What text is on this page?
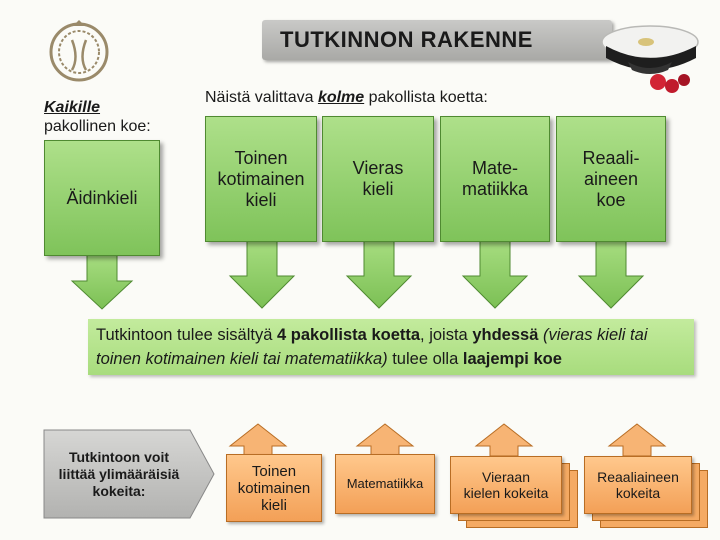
TUTKINNON RAKENNE
Kaikille
pakollinen koe:
Näistä valittava kolme pakollista koetta:
Äidinkieli
Toinen
kotimainen
kieli
Vieras
kieli
Mate-
matiikka
Reaali-
aineen
koe
Tutkintoon tulee sisältyä 4 pakollista koetta, joista yhdessä (vieras kieli tai toinen kotimainen kieli tai matematiikka) tulee olla laajempi koe
Tutkintoon voit
liittää ylimääräisiä
kokeita:
Toinen
kotimainen
kieli
Matematiikka	Vieraan
kielen kokeita
Reaaliaineen
kokeita
